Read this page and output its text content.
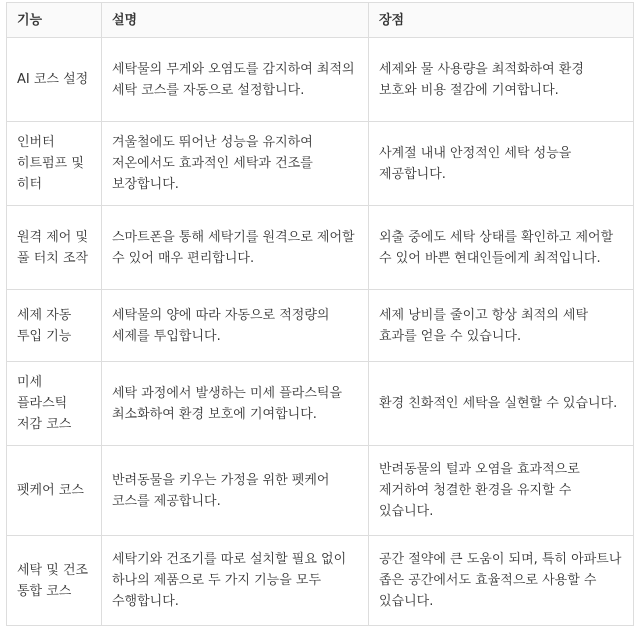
기능	설명	장점
AI 코스 설정	세탁물의 무게와 오염도를 감지하여 최적의 세탁 코스를 자동으로 설정합니다.	세제와 물 사용량을 최적화하여 환경 보호와 비용 절감에 기여합니다.
인버터 히트펌프 및 히터	겨울철에도 뛰어난 성능을 유지하여 저온에서도 효과적인 세탁과 건조를 보장합니다.	사계절 내내 안정적인 세탁 성능을 제공합니다.
원격 제어 및 풀 터치 조작	스마트폰을 통해 세탁기를 원격으로 제어할 수 있어 매우 편리합니다.	외출 중에도 세탁 상태를 확인하고 제어할 수 있어 바쁜 현대인들에게 최적입니다.
세제 자동 투입 기능	세탁물의 양에 따라 자동으로 적정량의 세제를 투입합니다.	세제 낭비를 줄이고 항상 최적의 세탁 효과를 얻을 수 있습니다.
미세 플라스틱 저감 코스	세탁 과정에서 발생하는 미세 플라스틱을 최소화하여 환경 보호에 기여합니다.	환경 친화적인 세탁을 실현할 수 있습니다.
펫케어 코스	반려동물을 키우는 가정을 위한 펫케어 코스를 제공합니다.	반려동물의 털과 오염을 효과적으로 제거하여 청결한 환경을 유지할 수 있습니다.
세탁 및 건조 통합 코스	세탁기와 건조기를 따로 설치할 필요 없이 하나의 제품으로 두 가지 기능을 모두 수행합니다.	공간 절약에 큰 도움이 되며, 특히 아파트나 좁은 공간에서도 효율적으로 사용할 수 있습니다.
